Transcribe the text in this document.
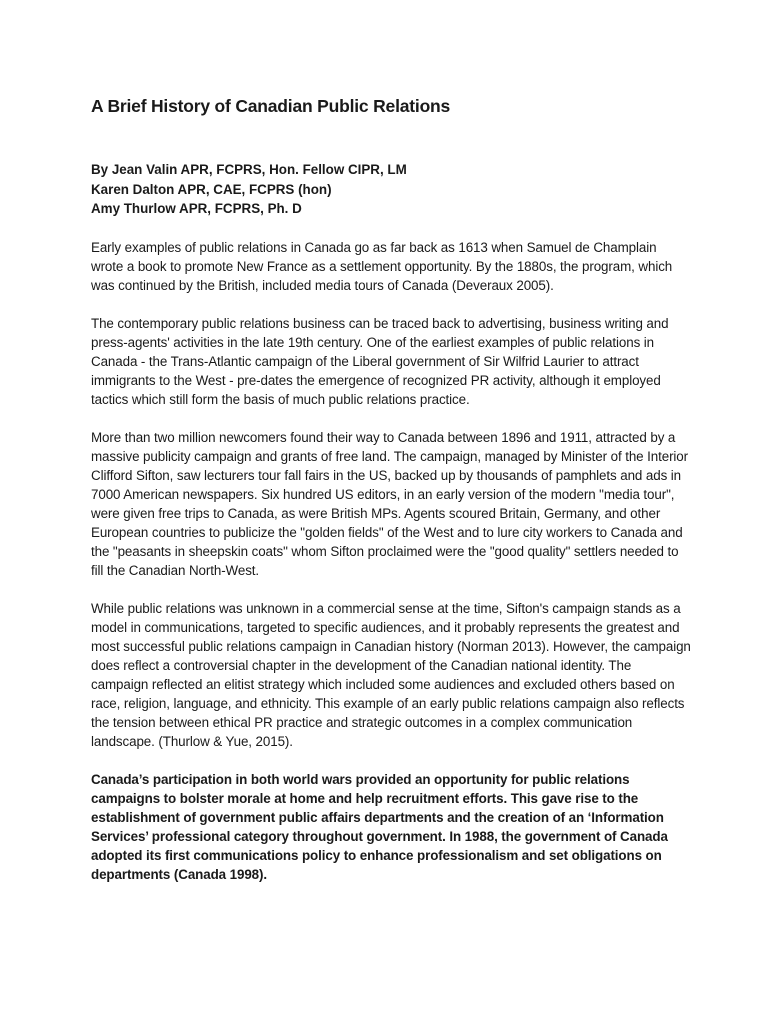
A Brief History of Canadian Public Relations
By Jean Valin APR, FCPRS, Hon. Fellow CIPR, LM
Karen Dalton APR, CAE, FCPRS (hon)
Amy Thurlow APR, FCPRS, Ph. D

Early examples of public relations in Canada go as far back as 1613 when Samuel de Champlain wrote a book to promote New France as a settlement opportunity. By the 1880s, the program, which was continued by the British, included media tours of Canada (Deveraux 2005).

The contemporary public relations business can be traced back to advertising, business writing and press-agents' activities in the late 19th century. One of the earliest examples of public relations in Canada - the Trans-Atlantic campaign of the Liberal government of Sir Wilfrid Laurier to attract immigrants to the West - pre-dates the emergence of recognized PR activity, although it employed tactics which still form the basis of much public relations practice.

More than two million newcomers found their way to Canada between 1896 and 1911, attracted by a massive publicity campaign and grants of free land. The campaign, managed by Minister of the Interior Clifford Sifton, saw lecturers tour fall fairs in the US, backed up by thousands of pamphlets and ads in 7000 American newspapers. Six hundred US editors, in an early version of the modern "media tour", were given free trips to Canada, as were British MPs. Agents scoured Britain, Germany, and other European countries to publicize the "golden fields" of the West and to lure city workers to Canada and the "peasants in sheepskin coats" whom Sifton proclaimed were the "good quality" settlers needed to fill the Canadian North-West.

While public relations was unknown in a commercial sense at the time, Sifton's campaign stands as a model in communications, targeted to specific audiences, and it probably represents the greatest and most successful public relations campaign in Canadian history (Norman 2013). However, the campaign does reflect a controversial chapter in the development of the Canadian national identity. The campaign reflected an elitist strategy which included some audiences and excluded others based on race, religion, language, and ethnicity. This example of an early public relations campaign also reflects the tension between ethical PR practice and strategic outcomes in a complex communication landscape. (Thurlow & Yue, 2015).

Canada’s participation in both world wars provided an opportunity for public relations campaigns to bolster morale at home and help recruitment efforts. This gave rise to the establishment of government public affairs departments and the creation of an ‘Information Services’ professional category throughout government. In 1988, the government of Canada adopted its first communications policy to enhance professionalism and set obligations on departments (Canada 1998).
